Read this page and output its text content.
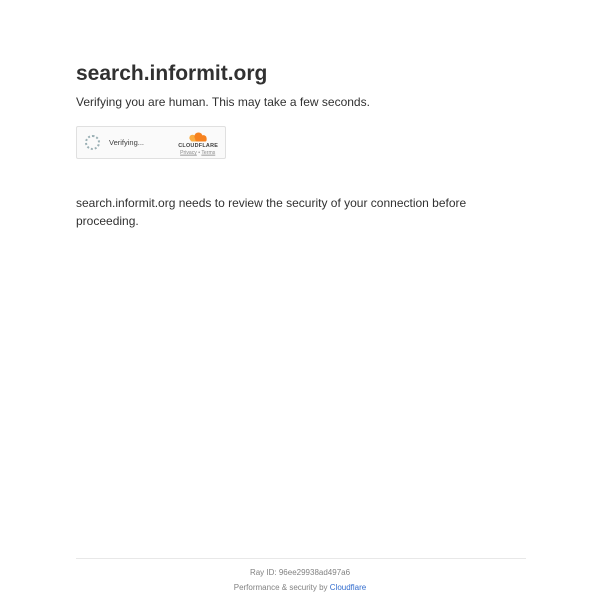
search.informit.org

Verifying you are human. This may take a few seconds.

Verifying...	CLOUDFLARE
Privacy • Terms

search.informit.org needs to review the security of your connection before proceeding.

Ray ID: 96ee29938ad497a6
Performance & security by Cloudflare
